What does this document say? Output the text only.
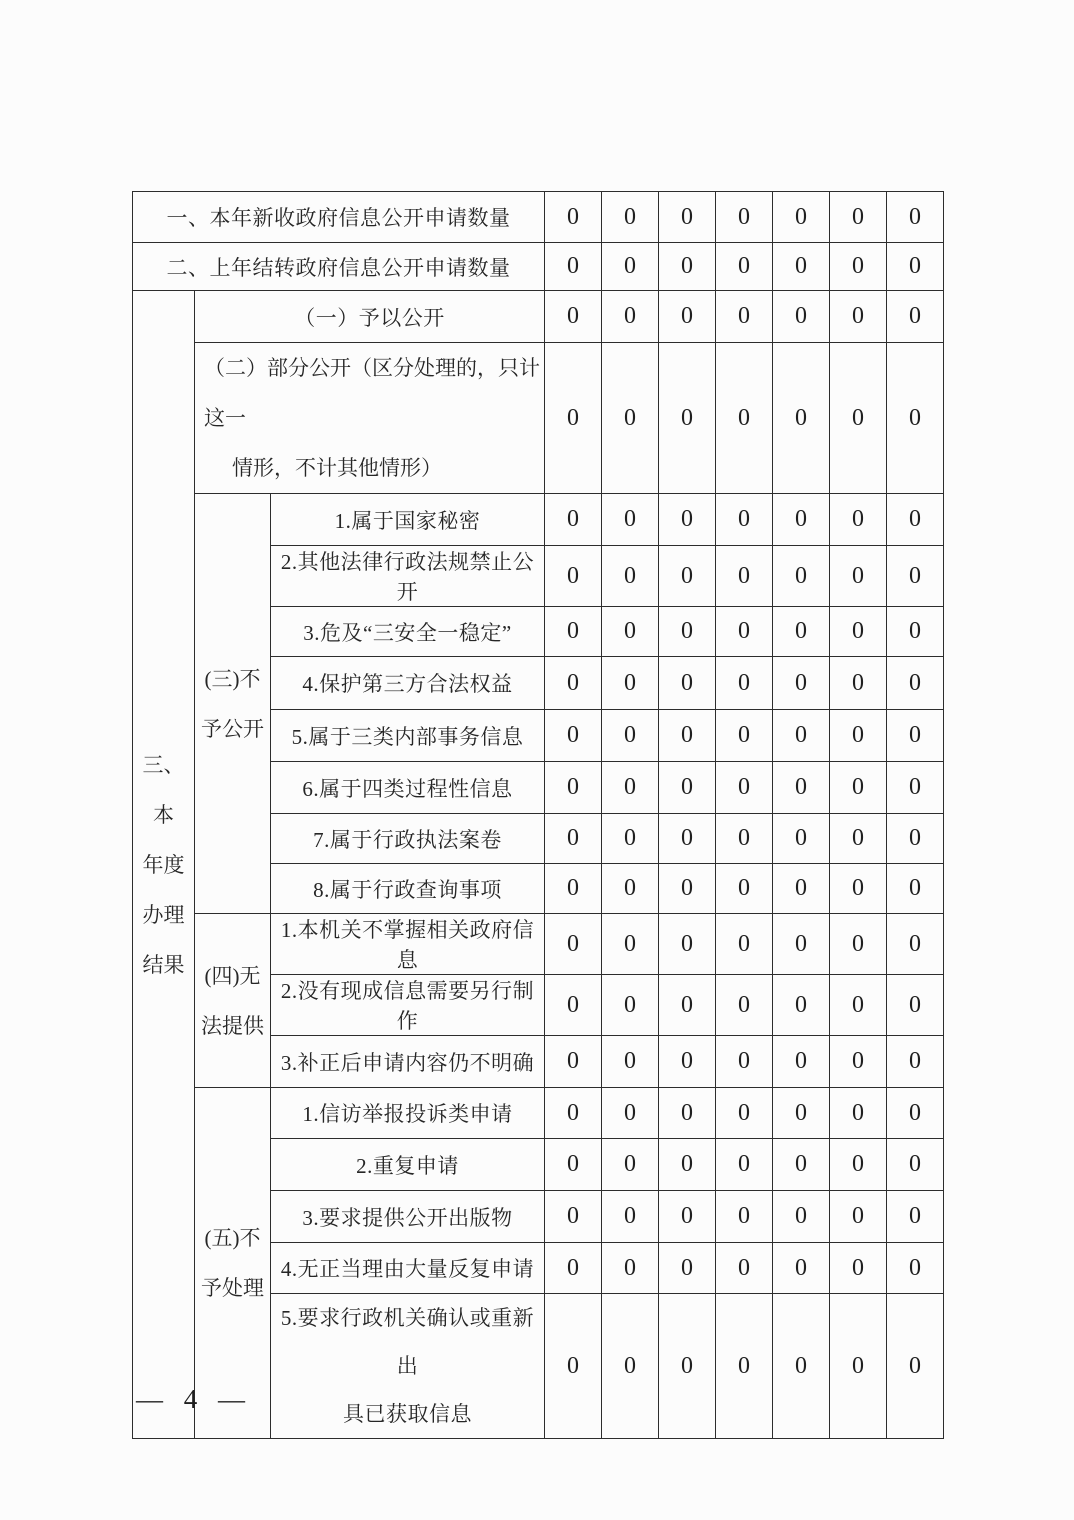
一、本年新收政府信息公开申请数量			0	0	0	0	0	0	0
二、上年结转政府信息公开申请数量			0	0	0	0	0	0	0

三、本
年度
办理
结果	（一）予以公开		0	0	0	0	0	0	0

	（二）部分公开（区分处理的，只计这一
情形，不计其他情形）		0	0	0	0	0	0	0

	(三)不
予公开	1.属于国家秘密	0	0	0	0	0	0	0
		2.其他法律行政法规禁止公开	0	0	0	0	0	0	0
		3.危及“三安全一稳定”	0	0	0	0	0	0	0
		4.保护第三方合法权益	0	0	0	0	0	0	0
		5.属于三类内部事务信息	0	0	0	0	0	0	0
		6.属于四类过程性信息	0	0	0	0	0	0	0
		7.属于行政执法案卷	0	0	0	0	0	0	0
		8.属于行政查询事项	0	0	0	0	0	0	0

	(四)无
法提供	1.本机关不掌握相关政府信息	0	0	0	0	0	0	0
		2.没有现成信息需要另行制作	0	0	0	0	0	0	0
		3.补正后申请内容仍不明确	0	0	0	0	0	0	0

	(五)不
予处理	1.信访举报投诉类申请	0	0	0	0	0	0	0
		2.重复申请	0	0	0	0	0	0	0
		3.要求提供公开出版物	0	0	0	0	0	0	0
		4.无正当理由大量反复申请	0	0	0	0	0	0	0

		5.要求行政机关确认或重新出
具已获取信息	0	0	0	0	0	0	0
— 4 —
